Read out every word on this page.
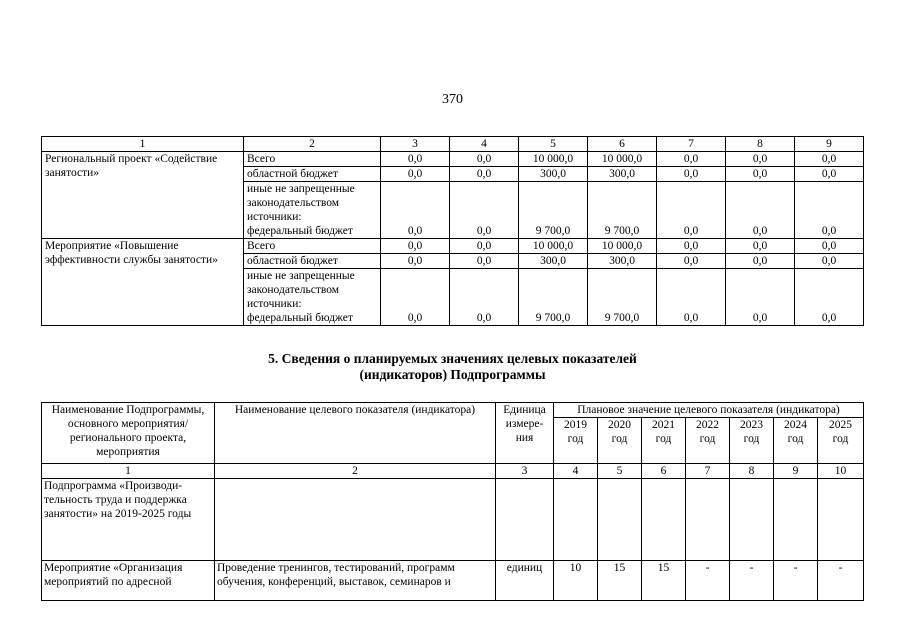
370
1	2	3	4	5	6	7	8	9
Региональный проект «Содействие занятости»	Всего	0,0	0,0	10 000,0	10 000,0	0,0	0,0	0,0
	областной бюджет	0,0	0,0	300,0	300,0	0,0	0,0	0,0

	иные не запрещенные
законодательством
источники:
федеральный бюджет	0,0	0,0	9 700,0	9 700,0	0,0	0,0	0,0
Мероприятие «Повышение эффективности службы занятости»	Всего	0,0	0,0	10 000,0	10 000,0	0,0	0,0	0,0
	областной бюджет	0,0	0,0	300,0	300,0	0,0	0,0	0,0

	иные не запрещенные
законодательством
источники:
федеральный бюджет	0,0	0,0	9 700,0	9 700,0	0,0	0,0	0,0
5. Сведения о планируемых значениях целевых показателей
(индикаторов) Подпрограммы
Наименование Подпрограммы, основного мероприятия/ регионального проекта, мероприятия	Наименование целевого показателя (индикатора)	Единица измере-ния	Плановое значение целевого показателя (индикатора)						
			2019 год	2020 год	2021 год	2022 год	2023 год	2024 год	2025 год
1	2	3	4	5	6	7	8	9	10
Подпрограмма «Производи-тельность труда и поддержка занятости» на 2019-2025 годы									
Мероприятие «Организация мероприятий по адресной	Проведение тренингов, тестирований, программ обучения, конференций, выставок, семинаров и	единиц	10	15	15	-	-	-	-
